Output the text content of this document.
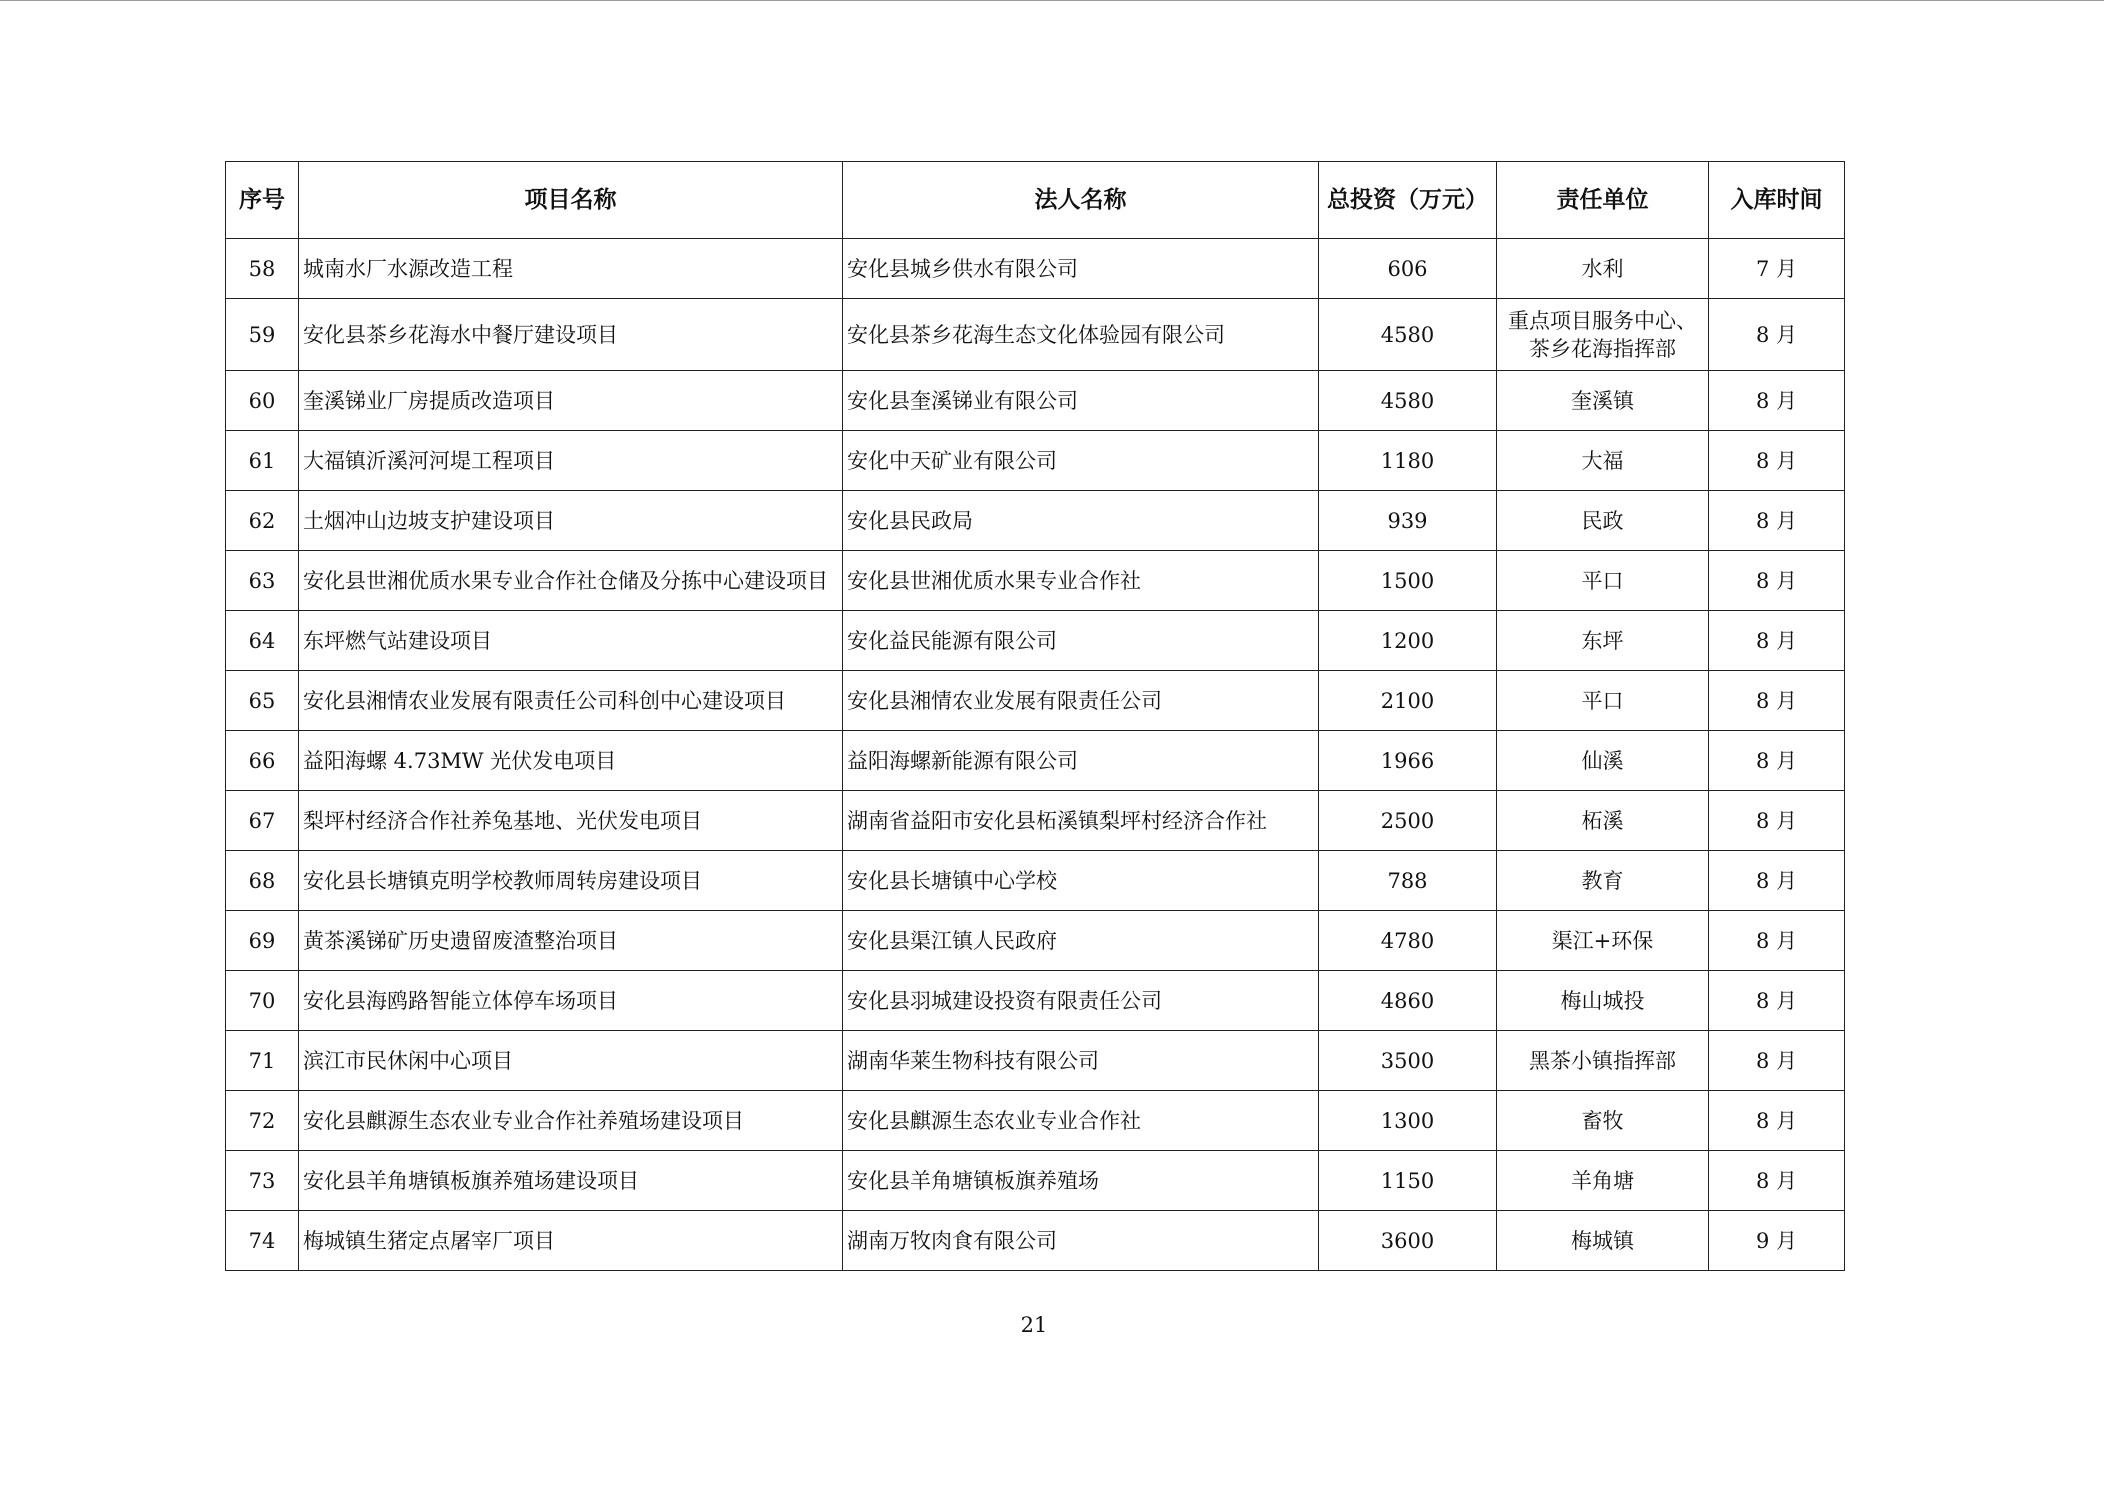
序号	项目名称	法人名称	总投资（万元）	责任单位	入库时间
58	城南水厂水源改造工程	安化县城乡供水有限公司	606	水利	7 月
59	安化县茶乡花海水中餐厅建设项目	安化县茶乡花海生态文化体验园有限公司	4580	重点项目服务中心、茶乡花海指挥部	8 月
60	奎溪锑业厂房提质改造项目	安化县奎溪锑业有限公司	4580	奎溪镇	8 月
61	大福镇沂溪河河堤工程项目	安化中天矿业有限公司	1180	大福	8 月
62	土烟冲山边坡支护建设项目	安化县民政局	939	民政	8 月
63	安化县世湘优质水果专业合作社仓储及分拣中心建设项目	安化县世湘优质水果专业合作社	1500	平口	8 月
64	东坪燃气站建设项目	安化益民能源有限公司	1200	东坪	8 月
65	安化县湘情农业发展有限责任公司科创中心建设项目	安化县湘情农业发展有限责任公司	2100	平口	8 月
66	益阳海螺 4.73MW 光伏发电项目	益阳海螺新能源有限公司	1966	仙溪	8 月
67	梨坪村经济合作社养兔基地、光伏发电项目	湖南省益阳市安化县柘溪镇梨坪村经济合作社	2500	柘溪	8 月
68	安化县长塘镇克明学校教师周转房建设项目	安化县长塘镇中心学校	788	教育	8 月
69	黄茶溪锑矿历史遗留废渣整治项目	安化县渠江镇人民政府	4780	渠江+环保	8 月
70	安化县海鸥路智能立体停车场项目	安化县羽城建设投资有限责任公司	4860	梅山城投	8 月
71	滨江市民休闲中心项目	湖南华莱生物科技有限公司	3500	黑茶小镇指挥部	8 月
72	安化县麒源生态农业专业合作社养殖场建设项目	安化县麒源生态农业专业合作社	1300	畜牧	8 月
73	安化县羊角塘镇板旗养殖场建设项目	安化县羊角塘镇板旗养殖场	1150	羊角塘	8 月
74	梅城镇生猪定点屠宰厂项目	湖南万牧肉食有限公司	3600	梅城镇	9 月
21
